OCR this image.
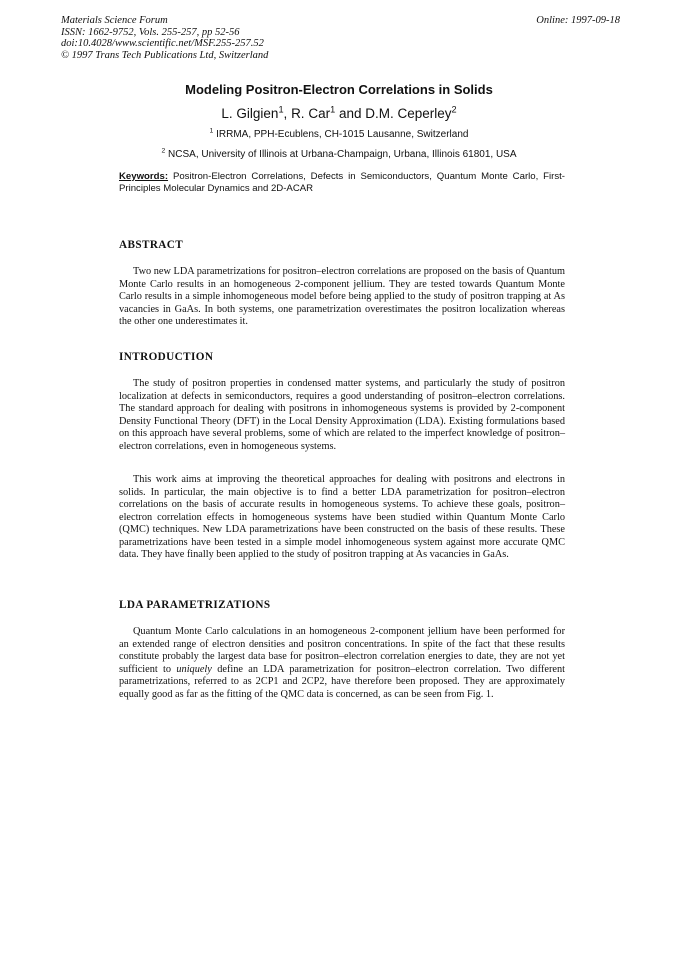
Materials Science Forum
ISSN: 1662-9752, Vols. 255-257, pp 52-56
doi:10.4028/www.scientific.net/MSF.255-257.52
© 1997 Trans Tech Publications Ltd, Switzerland
Online: 1997-09-18
Modeling Positron-Electron Correlations in Solids
L. Gilgien$^1$, R. Car$^1$ and D.M. Ceperley$^2$
$^1$ IRRMA, PPH-Ecublens, CH-1015 Lausanne, Switzerland
$^2$ NCSA, University of Illinois at Urbana-Champaign, Urbana, Illinois 61801, USA
Keywords: Positron-Electron Correlations, Defects in Semiconductors, Quantum Monte Carlo, First-Principles Molecular Dynamics and 2D-ACAR
ABSTRACT
Two new LDA parametrizations for positron–electron correlations are proposed on the basis of Quantum Monte Carlo results in an homogeneous 2-component jellium. They are tested towards Quantum Monte Carlo results in a simple inhomogeneous model before being applied to the study of positron trapping at As vacancies in GaAs. In both systems, one parametrization overestimates the positron localization whereas the other one underestimates it.
INTRODUCTION
The study of positron properties in condensed matter systems, and particularly the study of positron localization at defects in semiconductors, requires a good understanding of positron–electron correlations. The standard approach for dealing with positrons in inhomogeneous systems is provided by 2-component Density Functional Theory (DFT) in the Local Density Approximation (LDA). Existing formulations based on this approach have several problems, some of which are related to the imperfect knowledge of positron–electron correlations, even in homogeneous systems.
This work aims at improving the theoretical approaches for dealing with positrons and electrons in solids. In particular, the main objective is to find a better LDA parametrization for positron–electron correlations on the basis of accurate results in homogeneous systems. To achieve these goals, positron–electron correlation effects in homogeneous systems have been studied within Quantum Monte Carlo (QMC) techniques. New LDA parametrizations have been constructed on the basis of these results. These parametrizations have been tested in a simple model inhomogeneous system against more accurate QMC data. They have finally been applied to the study of positron trapping at As vacancies in GaAs.
LDA PARAMETRIZATIONS
Quantum Monte Carlo calculations in an homogeneous 2-component jellium have been performed for an extended range of electron densities and positron concentrations. In spite of the fact that these results constitute probably the largest data base for positron–electron correlation energies to date, they are not yet sufficient to uniquely define an LDA parametrization for positron–electron correlation. Two different parametrizations, referred to as 2CP1 and 2CP2, have therefore been proposed. They are approximately equally good as far as the fitting of the QMC data is concerned, as can be seen from Fig. 1.
